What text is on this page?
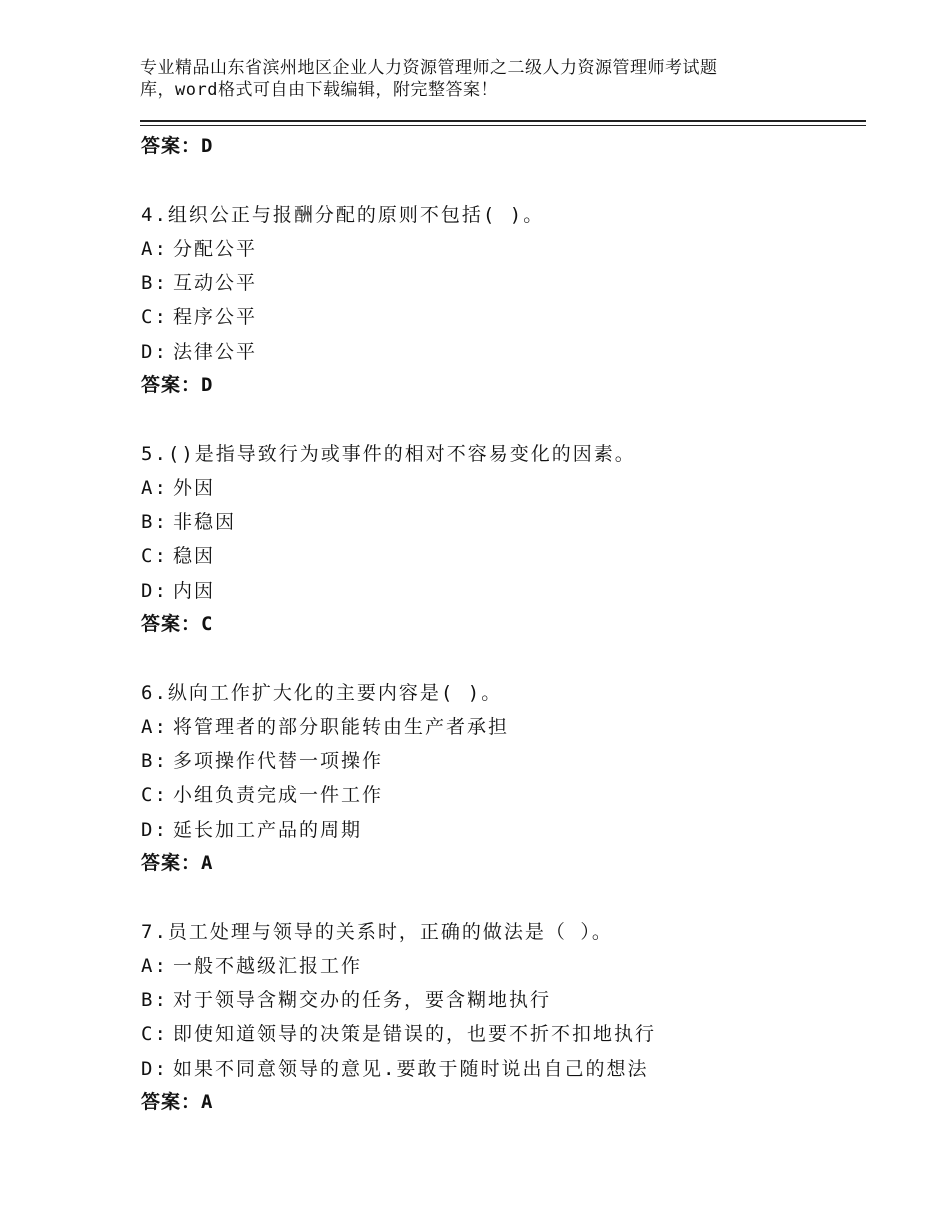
专业精品山东省滨州地区企业人力资源管理师之二级人力资源管理师考试题
库，word格式可自由下载编辑，附完整答案！
答案：D
4.组织公正与报酬分配的原则不包括( )。
A: 分配公平
B: 互动公平
C: 程序公平
D: 法律公平
答案：D
5.()是指导致行为或事件的相对不容易变化的因素。
A: 外因
B: 非稳因
C: 稳因
D: 内因
答案：C
6.纵向工作扩大化的主要内容是( )。
A: 将管理者的部分职能转由生产者承担
B: 多项操作代替一项操作
C: 小组负责完成一件工作
D: 延长加工产品的周期
答案：A
7.员工处理与领导的关系时，正确的做法是（ ）。
A: 一般不越级汇报工作
B: 对于领导含糊交办的任务，要含糊地执行
C: 即使知道领导的决策是错误的，也要不折不扣地执行
D: 如果不同意领导的意见.要敢于随时说出自己的想法
答案：A
